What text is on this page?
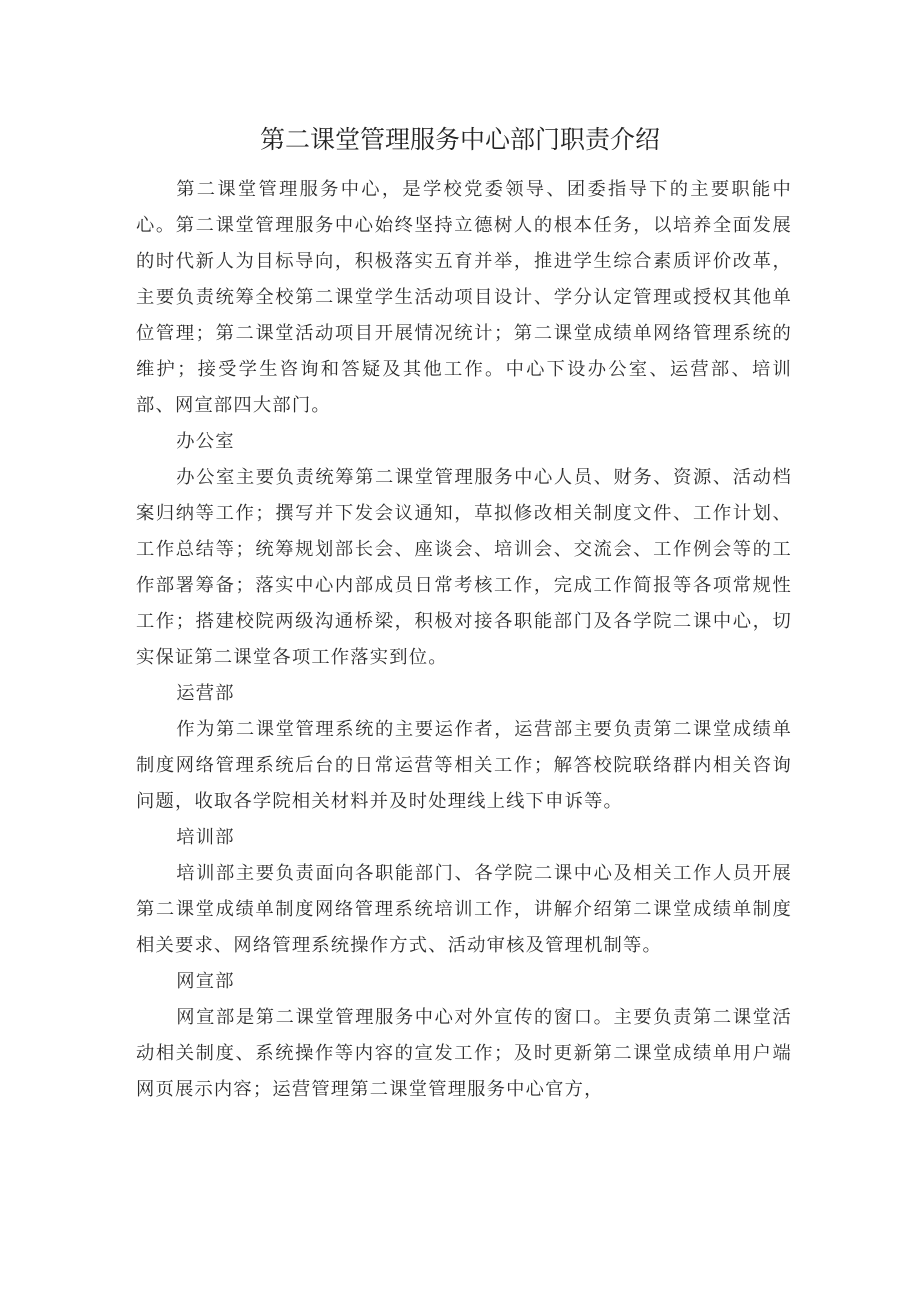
第二课堂管理服务中心部门职责介绍

第二课堂管理服务中心，是学校党委领导、团委指导下的主要职能中心。第二课堂管理服务中心始终坚持立德树人的根本任务，以培养全面发展的时代新人为目标导向，积极落实五育并举，推进学生综合素质评价改革，主要负责统筹全校第二课堂学生活动项目设计、学分认定管理或授权其他单位管理；第二课堂活动项目开展情况统计；第二课堂成绩单网络管理系统的维护；接受学生咨询和答疑及其他工作。中心下设办公室、运营部、培训部、网宣部四大部门。

办公室

办公室主要负责统筹第二课堂管理服务中心人员、财务、资源、活动档案归纳等工作；撰写并下发会议通知，草拟修改相关制度文件、工作计划、工作总结等；统筹规划部长会、座谈会、培训会、交流会、工作例会等的工作部署筹备；落实中心内部成员日常考核工作，完成工作简报等各项常规性工作；搭建校院两级沟通桥梁，积极对接各职能部门及各学院二课中心，切实保证第二课堂各项工作落实到位。

运营部

作为第二课堂管理系统的主要运作者，运营部主要负责第二课堂成绩单制度网络管理系统后台的日常运营等相关工作；解答校院联络群内相关咨询问题，收取各学院相关材料并及时处理线上线下申诉等。

培训部

培训部主要负责面向各职能部门、各学院二课中心及相关工作人员开展第二课堂成绩单制度网络管理系统培训工作，讲解介绍第二课堂成绩单制度相关要求、网络管理系统操作方式、活动审核及管理机制等。

网宣部

网宣部是第二课堂管理服务中心对外宣传的窗口。主要负责第二课堂活动相关制度、系统操作等内容的宣发工作；及时更新第二课堂成绩单用户端网页展示内容；运营管理第二课堂管理服务中心官方，
